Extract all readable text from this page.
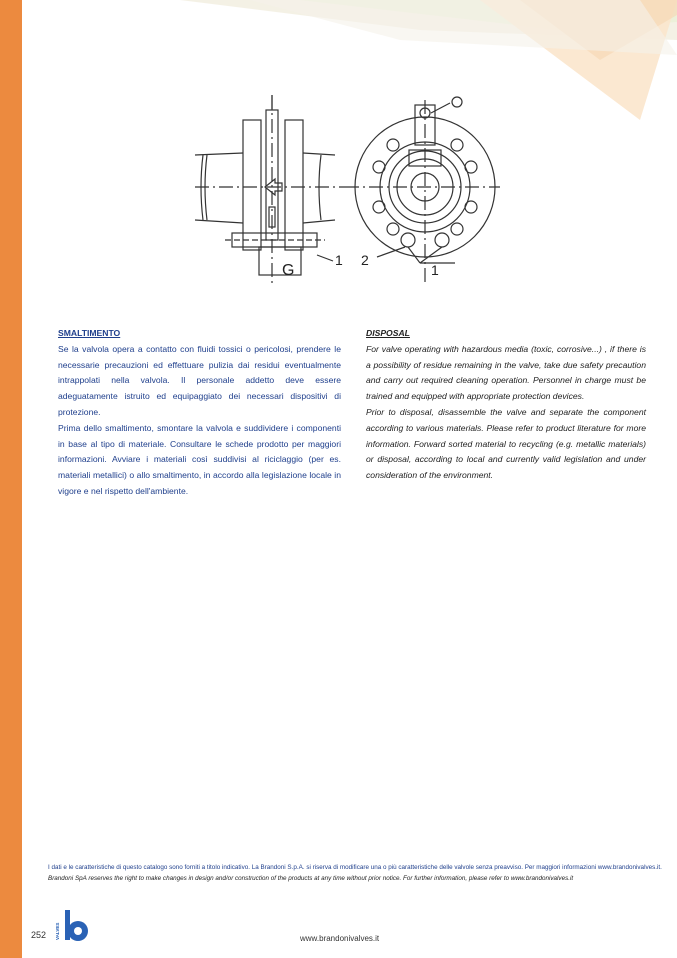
G
1 2
1
SMALTIMENTO

Se la valvola opera a contatto con fluidi tossici o pericolosi, prendere le necessarie precauzioni ed effettuare pulizia dai residui eventualmente intrappolati nella valvola. Il personale addetto deve essere adeguatamente istruito ed equipaggiato dei necessari dispositivi di protezione.

Prima dello smaltimento, smontare la valvola e suddividere i componenti in base al tipo di materiale. Consultare le schede prodotto per maggiori informazioni. Avviare i materiali così suddivisi al riciclaggio (per es. materiali metallici) o allo smaltimento, in accordo alla legislazione locale in vigore e nel rispetto dell'ambiente.

DISPOSAL

For valve operating with hazardous media (toxic, corrosive...) , if there is a possibility of residue remaining in the valve, take due safety precaution and carry out required cleaning operation. Personnel in charge must be trained and equipped with appropriate protection devices.

Prior to disposal, disassemble the valve and separate the component according to various materials. Please refer to product literature for more information. Forward sorted material to recycling (e.g. metallic materials) or disposal, according to local and currently valid legislation and under consideration of the environment.

I dati e le caratteristiche di questo catalogo sono forniti a titolo indicativo. La Brandoni S.p.A. si riserva di modificare una o più caratteristiche delle valvole senza preavviso. Per maggiori informazioni www.brandonivalves.it.
Brandoni SpA reserves the right to make changes in design and/or construction of the products at any time without prior notice. For further information, please refer to www.brandonivalves.it
252 VALVES	www.brandonivalves.it
